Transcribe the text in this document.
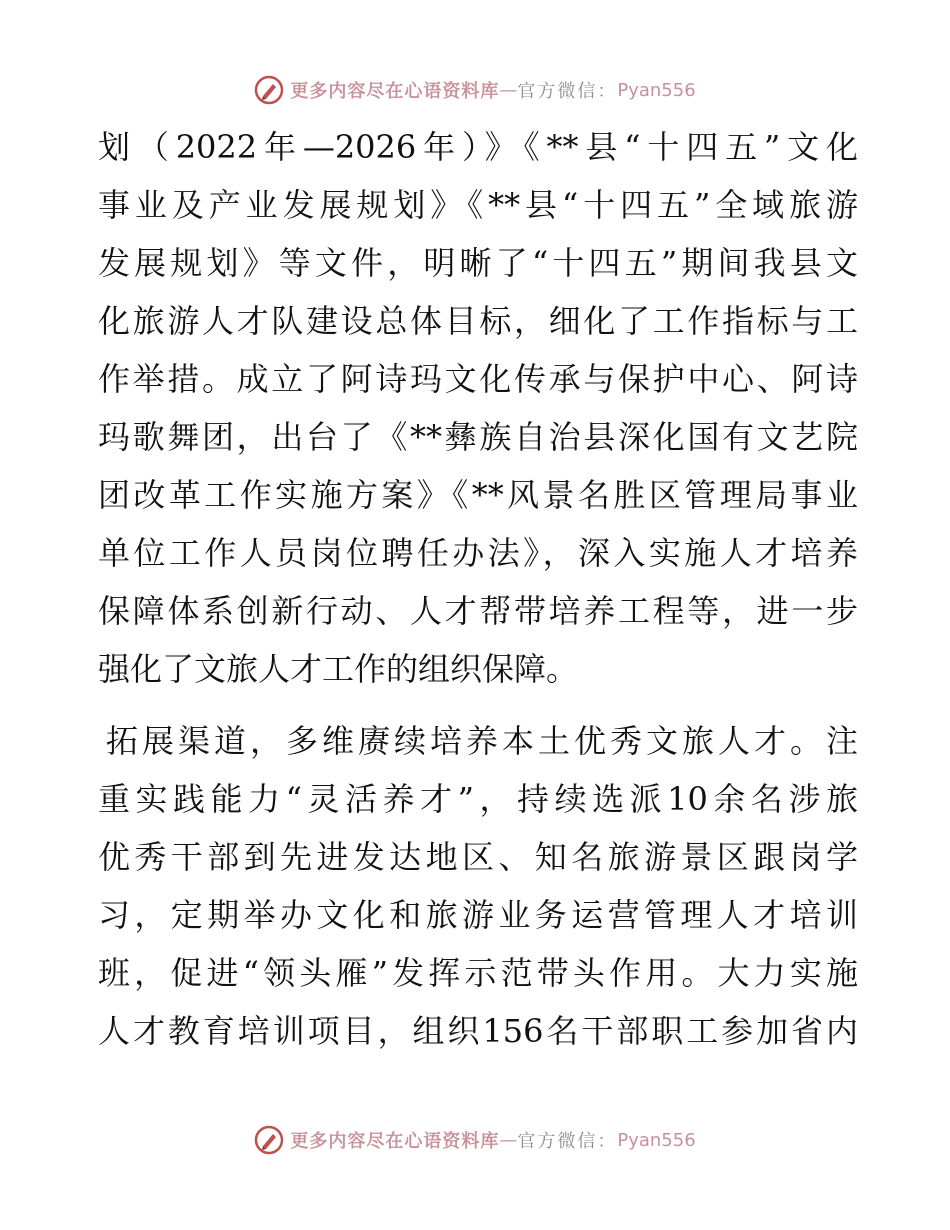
更多内容尽在心语资料库 — 官方微信： Pyan556
划（2022年—2026年）》《**县“十四五”文化
事业及产业发展规划》《**县“十四五”全域旅游
发展规划》等文件，明晰了“十四五”期间我县文
化旅游人才队建设总体目标，细化了工作指标与工
作举措。成立了阿诗玛文化传承与保护中心、阿诗
玛歌舞团，出台了《**彝族自治县深化国有文艺院
团改革工作实施方案》《**风景名胜区管理局事业
单位工作人员岗位聘任办法》，深入实施人才培养
保障体系创新行动、人才帮带培养工程等，进一步
强化了文旅人才工作的组织保障。
拓展渠道，多维赓续培养本土优秀文旅人才。注
重实践能力“灵活养才”，持续选派10余名涉旅
优秀干部到先进发达地区、知名旅游景区跟岗学
习，定期举办文化和旅游业务运营管理人才培训
班，促进“领头雁”发挥示范带头作用。大力实施
人才教育培训项目，组织156名干部职工参加省内
更多内容尽在心语资料库 — 官方微信： Pyan556
